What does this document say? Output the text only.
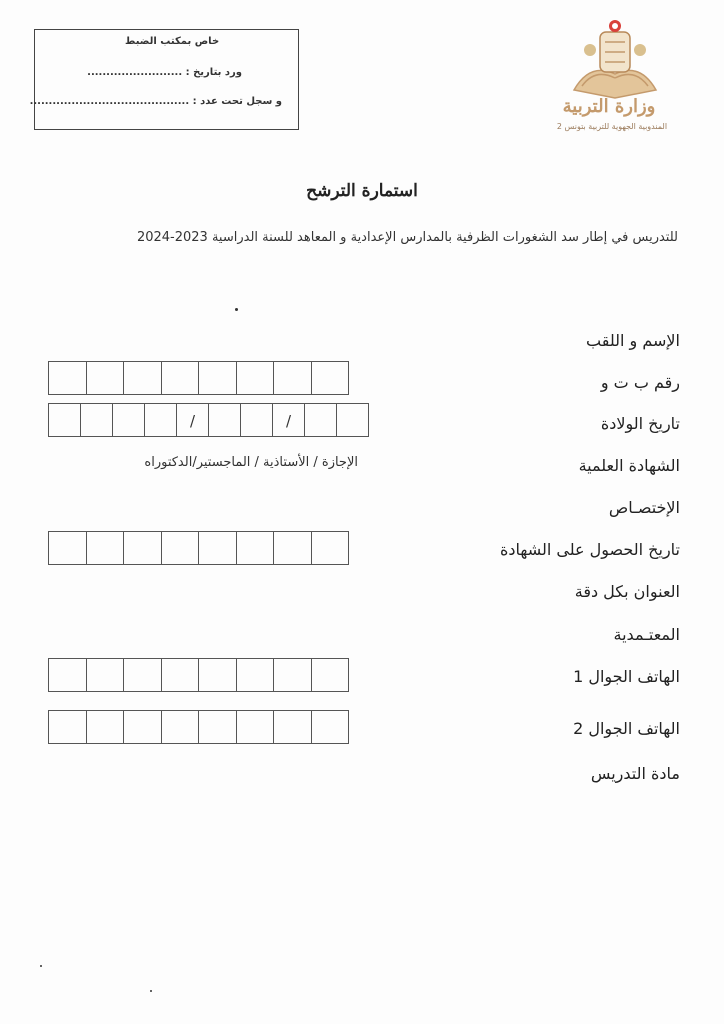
خاص بمكتب الضبط
ورد بتاريخ : .........................
و سجل تحت عدد : ..........................................	وزارة التربية
المندوبية الجهوية للتربية بتونس 2
استمارة الترشح
للتدريس في إطار سد الشغورات الظرفية بالمدارس الإعدادية و المعاهد للسنة الدراسية 2023-2024
الإسم و اللقب
رقم ب ت و
تاريخ الولادة
/	/
الشهادة العلمية
الإجازة / الأستاذية / الماجستير/الدكتوراه
الإختصـاص
تاريخ الحصول على الشهادة
العنوان بكل دقة
المعتـمدية
الهاتف الجوال 1
الهاتف الجوال 2
مادة التدريس
